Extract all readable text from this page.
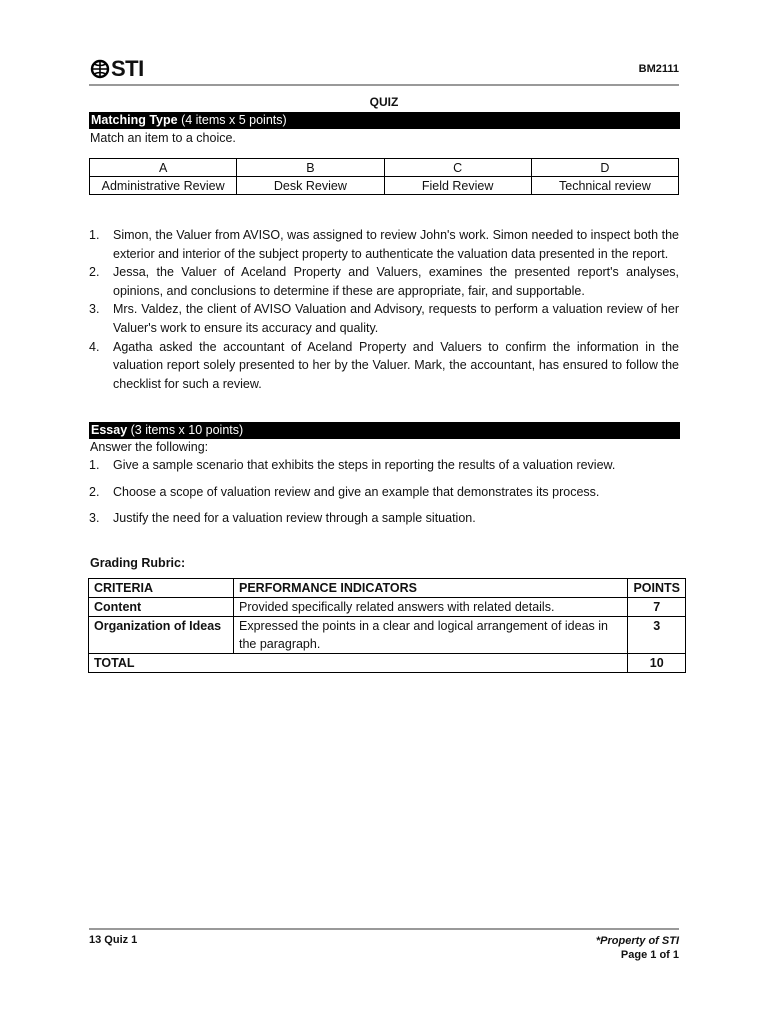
STI	BM2111
QUIZ
Matching Type (4 items x 5 points)
Match an item to a choice.
A	B	C	D
Administrative Review	Desk Review	Field Review	Technical review
1.	Simon, the Valuer from AVISO, was assigned to review John's work. Simon needed to inspect both the exterior and interior of the subject property to authenticate the valuation data presented in the report.
2.	Jessa, the Valuer of Aceland Property and Valuers, examines the presented report's analyses, opinions, and conclusions to determine if these are appropriate, fair, and supportable.
3.	Mrs. Valdez, the client of AVISO Valuation and Advisory, requests to perform a valuation review of her Valuer's work to ensure its accuracy and quality.
4.	Agatha asked the accountant of Aceland Property and Valuers to confirm the information in the valuation report solely presented to her by the Valuer. Mark, the accountant, has ensured to follow the checklist for such a review.
Essay (3 items x 10 points)
Answer the following:
1.	Give a sample scenario that exhibits the steps in reporting the results of a valuation review.
2.	Choose a scope of valuation review and give an example that demonstrates its process.
3.	Justify the need for a valuation review through a sample situation.
Grading Rubric:
CRITERIA	PERFORMANCE INDICATORS	POINTS
Content	Provided specifically related answers with related details.	7
Organization of Ideas	Expressed the points in a clear and logical arrangement of ideas in the paragraph.	3
TOTAL		10
13 Quiz 1	*Property of STI
Page 1 of 1
